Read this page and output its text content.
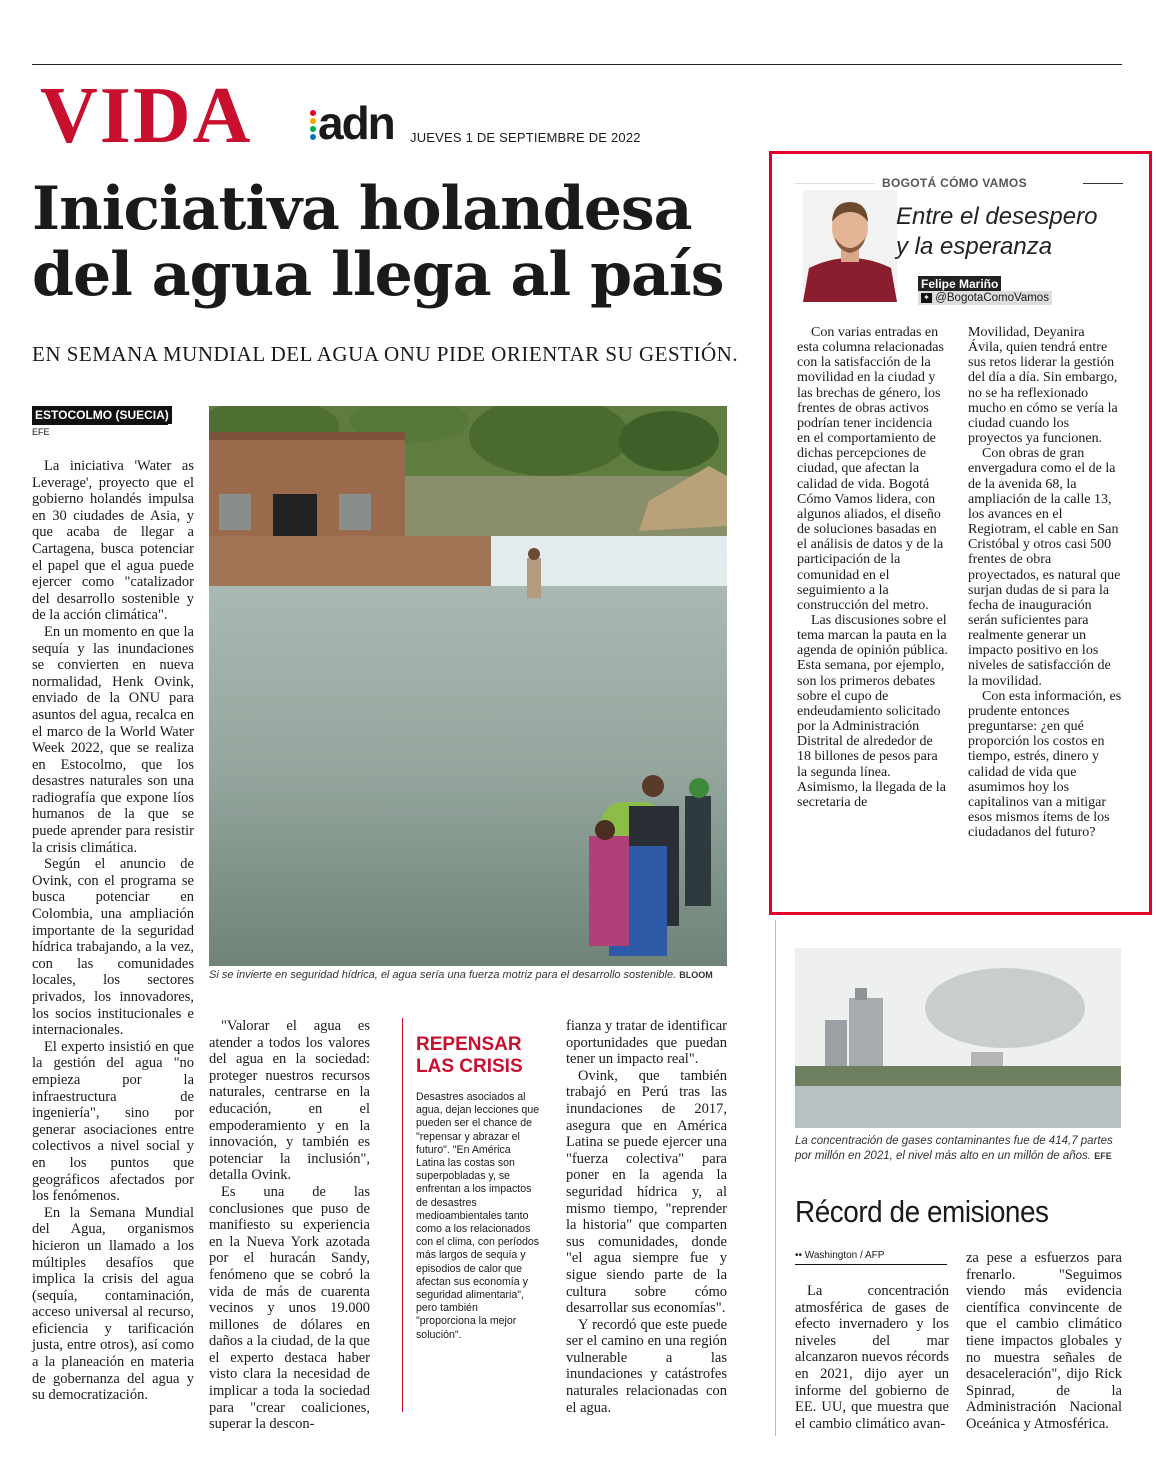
VIDA adn JUEVES 1 DE SEPTIEMBRE DE 2022
Iniciativa holandesa del agua llega al país
EN SEMANA MUNDIAL DEL AGUA ONU PIDE ORIENTAR SU GESTIÓN.
ESTOCOLMO (SUECIA)
EFE

La iniciativa 'Water as Leverage', proyecto que el gobierno holandés impulsa en 30 ciudades de Asia, y que acaba de llegar a Cartagena, busca potenciar el papel que el agua puede ejercer como "catalizador del desarrollo sostenible y de la acción climática".

En un momento en que la sequía y las inundaciones se convierten en nueva normalidad, Henk Ovink, enviado de la ONU para asuntos del agua, recalca en el marco de la World Water Week 2022, que se realiza en Estocolmo, que los desastres naturales son una radiografía que expone líos humanos de la que se puede aprender para resistir la crisis climática.

Según el anuncio de Ovink, con el programa se busca potenciar en Colombia, una ampliación importante de la seguridad hídrica trabajando, a la vez, con las comunidades locales, los sectores privados, los innovadores, los socios institucionales e internacionales.

El experto insistió en que la gestión del agua "no empieza por la infraestructura de ingeniería", sino por generar asociaciones entre colectivos a nivel social y en los puntos que geográficos afectados por los fenómenos.

En la Semana Mundial del Agua, organismos hicieron un llamado a los múltiples desafíos que implica la crisis del agua (sequía, contaminación, acceso universal al recurso, eficiencia y tarificación justa, entre otros), así como a la planeación en materia de gobernanza del agua y su democratización.

Si se invierte en seguridad hídrica, el agua sería una fuerza motriz para el desarrollo sostenible. BLOOM

"Valorar el agua es atender a todos los valores del agua en la sociedad: proteger nuestros recursos naturales, centrarse en la educación, en el empoderamiento y en la innovación, y también es potenciar la inclusión", detalla Ovink.

Es una de las conclusiones que puso de manifiesto su experiencia en la Nueva York azotada por el huracán Sandy, fenómeno que se cobró la vida de más de cuarenta vecinos y unos 19.000 millones de dólares en daños a la ciudad, de la que el experto destaca haber visto clara la necesidad de implicar a toda la sociedad para "crear coaliciones, superar la descon-

REPENSAR
LAS CRISIS
Desastres asociados al agua, dejan lecciones que pueden ser el chance de "repensar y abrazar el futuro". "En América Latina las costas son superpobladas y, se enfrentan a los impactos de desastres medioambientales tanto como a los relacionados con el clima, con períodos más largos de sequía y episodios de calor que afectan sus economía y seguridad alimentaria", pero también "proporciona la mejor solución".

fianza y tratar de identificar oportunidades que puedan tener un impacto real".

Ovink, que también trabajó en Perú tras las inundaciones de 2017, asegura que en América Latina se puede ejercer una "fuerza colectiva" para poner en la agenda la seguridad hídrica y, al mismo tiempo, "reprender la historia" que comparten sus comunidades, donde "el agua siempre fue y sigue siendo parte de la cultura sobre cómo desarrollar sus economías".

Y recordó que este puede ser el camino en una región vulnerable a las inundaciones y catástrofes naturales relacionadas con el agua.

BOGOTÁ CÓMO VAMOS
Entre el desespero
y la esperanza
Felipe Mariño
✦ @BogotaComoVamos

Con varias entradas en esta columna relacionadas con la satisfacción de la movilidad en la ciudad y las brechas de género, los frentes de obras activos podrían tener incidencia en el comportamiento de dichas percepciones de ciudad, que afectan la calidad de vida. Bogotá Cómo Vamos lidera, con algunos aliados, el diseño de soluciones basadas en el análisis de datos y de la participación de la comunidad en el seguimiento a la construcción del metro.

Las discusiones sobre el tema marcan la pauta en la agenda de opinión pública. Esta semana, por ejemplo, son los primeros debates sobre el cupo de endeudamiento solicitado por la Administración Distrital de alrededor de 18 billones de pesos para la segunda línea. Asimismo, la llegada de la secretaria de

Movilidad, Deyanira Ávila, quien tendrá entre sus retos liderar la gestión del día a día. Sin embargo, no se ha reflexionado mucho en cómo se vería la ciudad cuando los proyectos ya funcionen.

Con obras de gran envergadura como el de la de la avenida 68, la ampliación de la calle 13, los avances en el Regiotram, el cable en San Cristóbal y otros casi 500 frentes de obra proyectados, es natural que surjan dudas de si para la fecha de inauguración serán suficientes para realmente generar un impacto positivo en los niveles de satisfacción de la movilidad.

Con esta información, es prudente entonces preguntarse: ¿en qué proporción los costos en tiempo, estrés, dinero y calidad de vida que asumimos hoy los capitalinos van a mitigar esos mismos ítems de los ciudadanos del futuro?

La concentración de gases contaminantes fue de 414,7 partes por millón en 2021, el nivel más alto en un millón de años. EFE
Récord de emisiones
•• Washington / AFP

La concentración atmosférica de gases de efecto invernadero y los niveles del mar alcanzaron nuevos récords en 2021, dijo ayer un informe del gobierno de EE. UU, que muestra que el cambio climático avan-

za pese a esfuerzos para frenarlo. "Seguimos viendo más evidencia científica convincente de que el cambio climático tiene impactos globales y no muestra señales de desaceleración", dijo Rick Spinrad, de la Administración Nacional Oceánica y Atmosférica.
